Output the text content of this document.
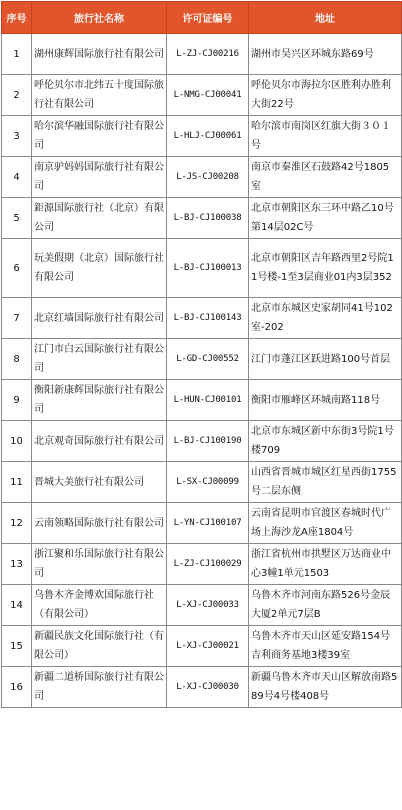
序号	旅行社名称	许可证编号	地址
1	湖州康辉国际旅行社有限公司	L-ZJ-CJ00216	湖州市吴兴区环城东路69号
2	呼伦贝尔市北纬五十度国际旅行社有限公司	L-NMG-CJ00041	呼伦贝尔市海拉尔区胜利办胜利大街22号
3	哈尔滨华融国际旅行社有限公司	L-HLJ-CJ00061	哈尔滨市南岗区红旗大街３０１号
4	南京驴妈妈国际旅行社有限公司	L-JS-CJ00208	南京市秦淮区石鼓路42号1805室
5	鉅源国际旅行社（北京）有限公司	L-BJ-CJ100038	北京市朝阳区东三环中路乙10号第14层02C号
6	玩美假期（北京）国际旅行社有限公司	L-BJ-CJ100013	北京市朝阳区吉年路西里2号院11号楼-1至3层商业01内3层352
7	北京红墙国际旅行社有限公司	L-BJ-CJ100143	北京市东城区史家胡同41号102室-202
8	江门市白云国际旅行社有限公司	L-GD-CJ00552	江门市蓬江区跃进路100号首层
9	衡阳新康辉国际旅行社有限公司	L-HUN-CJ00101	衡阳市雁峰区环城南路118号
10	北京观奇国际旅行社有限公司	L-BJ-CJ100190	北京市东城区新中东街3号院1号楼709
11	晋城大美旅行社有限公司	L-SX-CJ00099	山西省晋城市城区红星西街1755号二层东侧
12	云南领略国际旅行社有限公司	L-YN-CJ100107	云南省昆明市官渡区春城时代广场上海沙龙A座1804号
13	浙江聚和乐国际旅行社有限公司	L-ZJ-CJ100029	浙江省杭州市拱墅区万达商业中心3幢1单元1503
14	乌鲁木齐金博欢国际旅行社（有限公司）	L-XJ-CJ00033	乌鲁木齐市河南东路526号金辰大厦2单元7层B
15	新疆民族文化国际旅行社（有限公司）	L-XJ-CJ00021	乌鲁木齐市天山区延安路154号吉利商务基地3楼39室
16	新疆二道桥国际旅行社有限公司	L-XJ-CJ00030	新疆乌鲁木齐市天山区解放南路589号4号楼408号
